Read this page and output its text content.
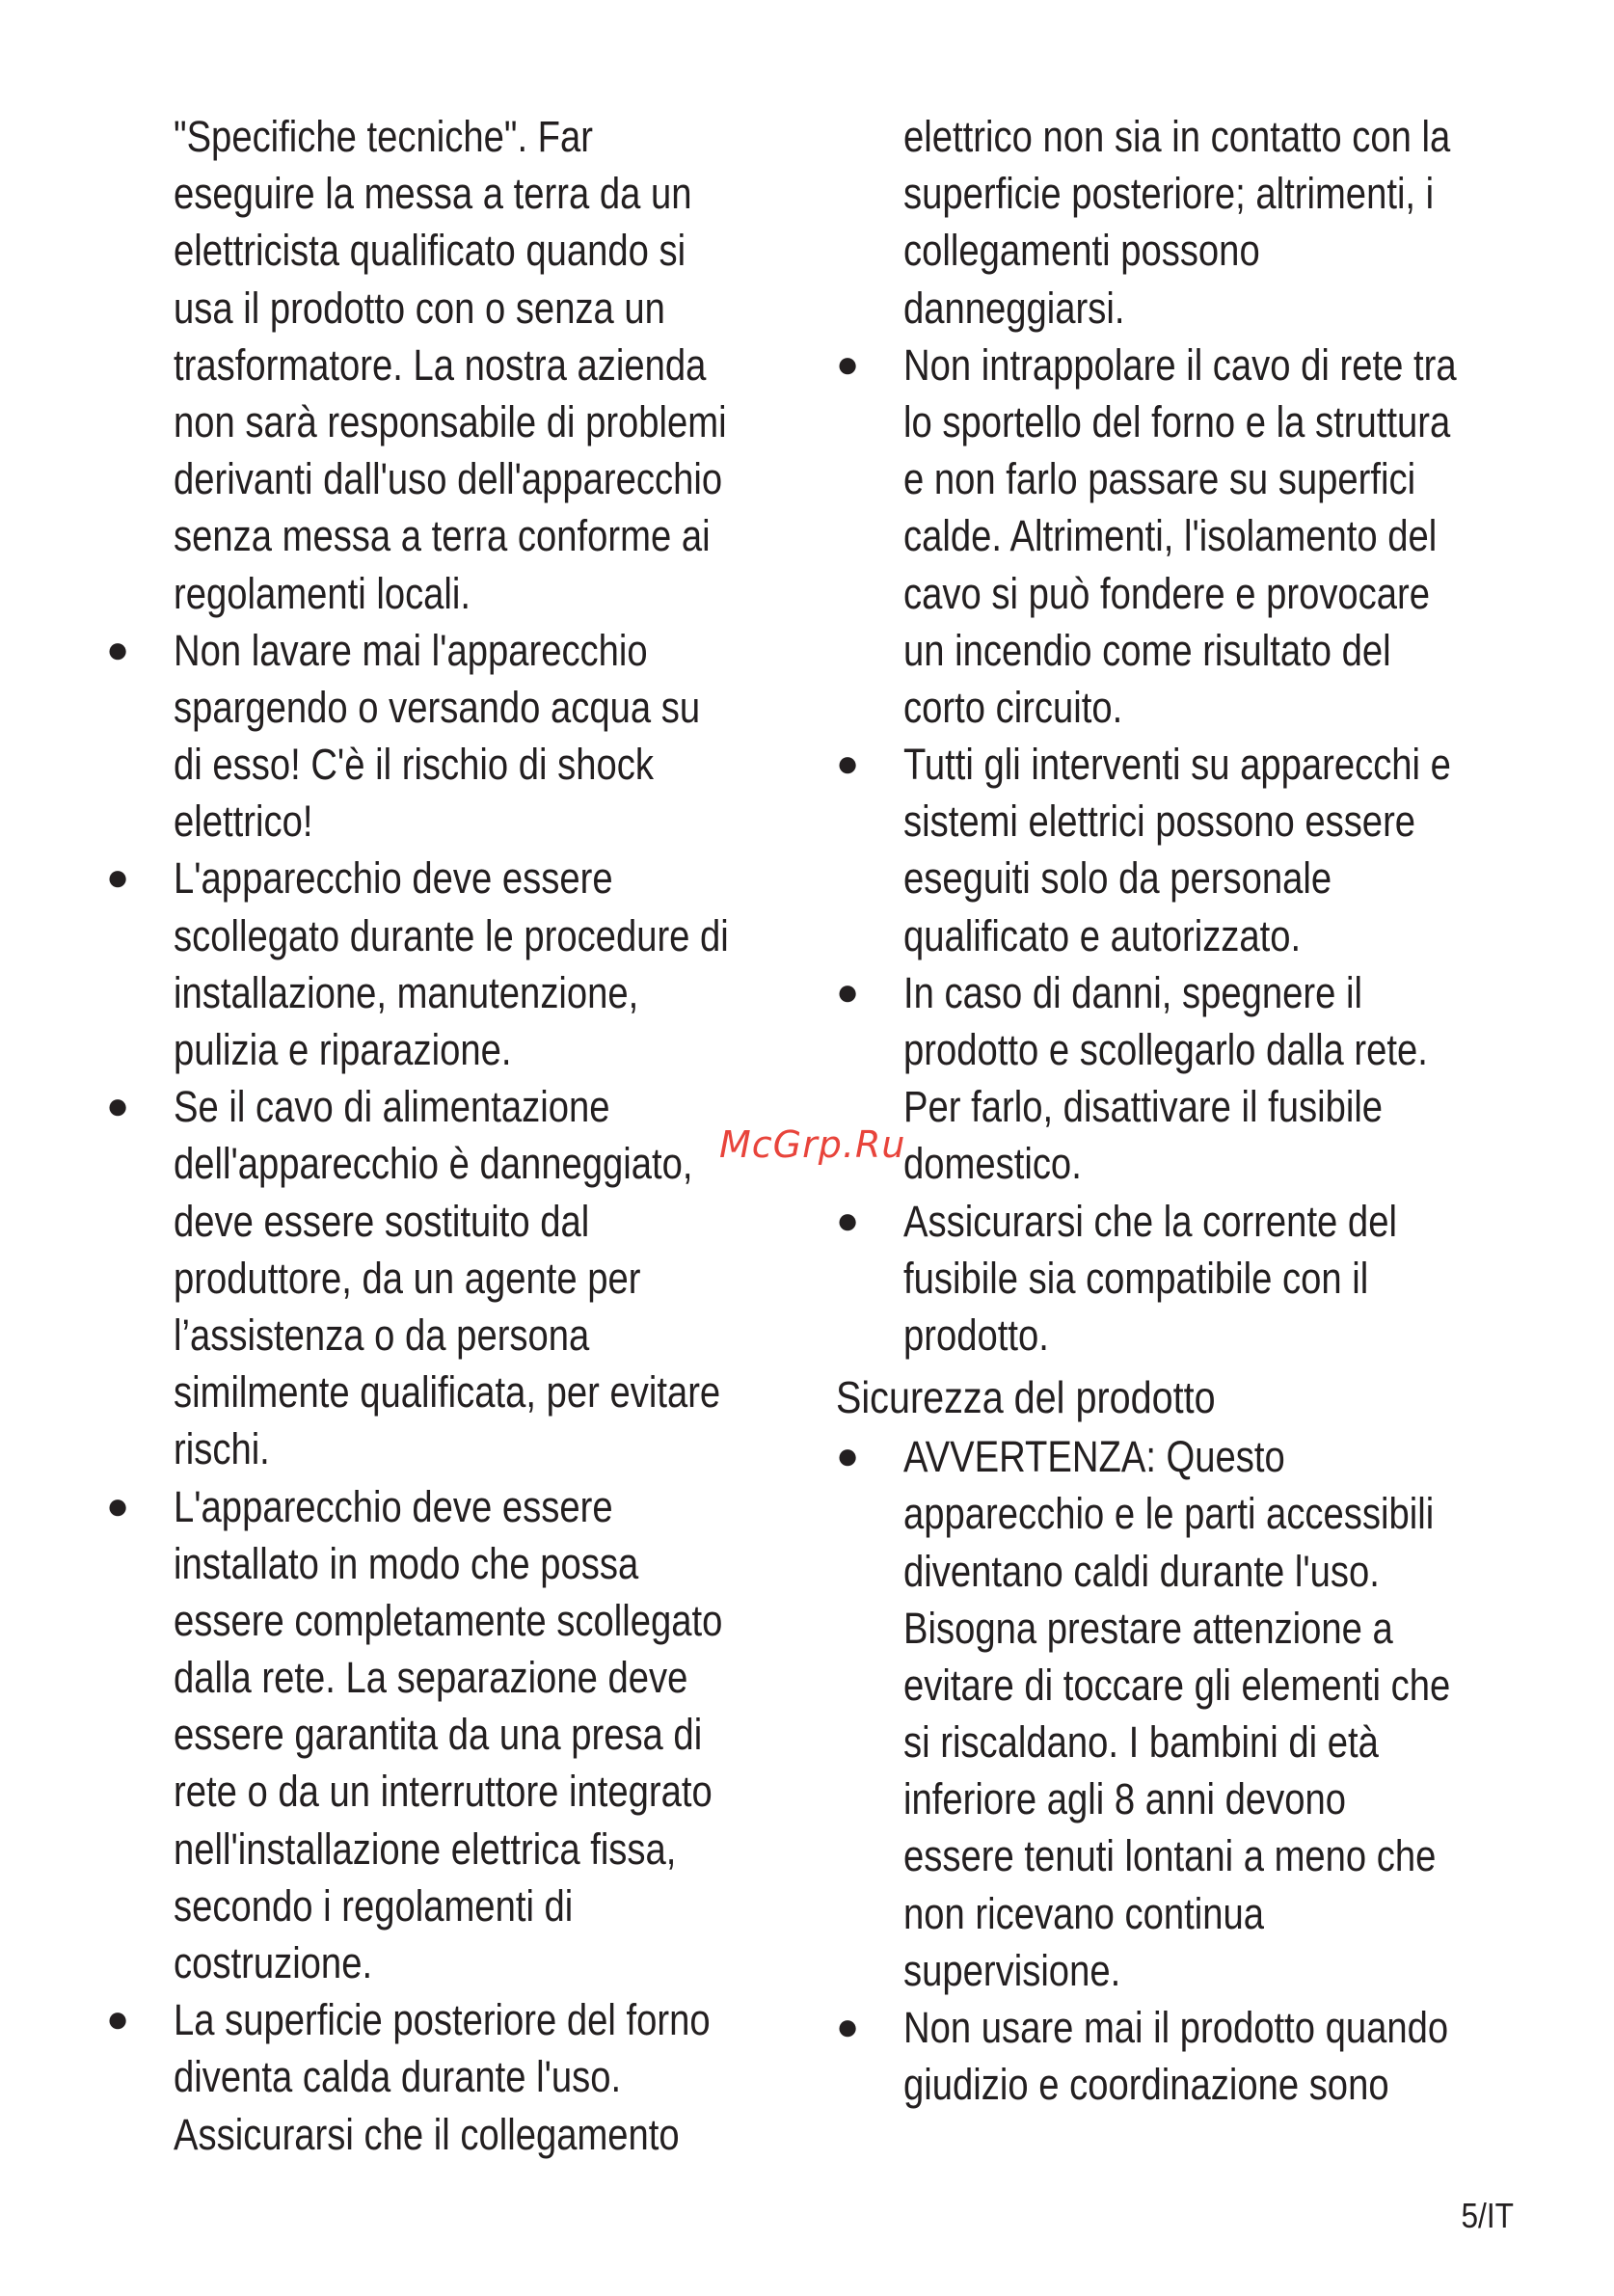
"Specifiche tecniche". Far
eseguire la messa a terra da un
elettricista qualificato quando si
usa il prodotto con o senza un
trasformatore. La nostra azienda
non sarà responsabile di problemi
derivanti dall'uso dell'apparecchio
senza messa a terra conforme ai
regolamenti locali.
●	Non lavare mai l'apparecchio
spargendo o versando acqua su
di esso! C'è il rischio di shock
elettrico!
●	L'apparecchio deve essere
scollegato durante le procedure di
installazione, manutenzione,
pulizia e riparazione.
●	Se il cavo di alimentazione
dell'apparecchio è danneggiato,
deve essere sostituito dal
produttore, da un agente per
l’assistenza o da persona
similmente qualificata, per evitare
rischi.
●	L'apparecchio deve essere
installato in modo che possa
essere completamente scollegato
dalla rete. La separazione deve
essere garantita da una presa di
rete o da un interruttore integrato
nell'installazione elettrica fissa,
secondo i regolamenti di
costruzione.
●	La superficie posteriore del forno
diventa calda durante l'uso.
Assicurarsi che il collegamento
elettrico non sia in contatto con la
superficie posteriore; altrimenti, i
collegamenti possono
danneggiarsi.
●	Non intrappolare il cavo di rete tra
lo sportello del forno e la struttura
e non farlo passare su superfici
calde. Altrimenti, l'isolamento del
cavo si può fondere e provocare
un incendio come risultato del
corto circuito.
●	Tutti gli interventi su apparecchi e
sistemi elettrici possono essere
eseguiti solo da personale
qualificato e autorizzato.
●	In caso di danni, spegnere il
prodotto e scollegarlo dalla rete.
Per farlo, disattivare il fusibile
domestico.
●	Assicurarsi che la corrente del
fusibile sia compatibile con il
prodotto.
Sicurezza del prodotto
●	AVVERTENZA: Questo
apparecchio e le parti accessibili
diventano caldi durante l'uso.
Bisogna prestare attenzione a
evitare di toccare gli elementi che
si riscaldano. I bambini di età
inferiore agli 8 anni devono
essere tenuti lontani a meno che
non ricevano continua
supervisione.
●	Non usare mai il prodotto quando
giudizio e coordinazione sono
McGrp.Ru
5/IT
